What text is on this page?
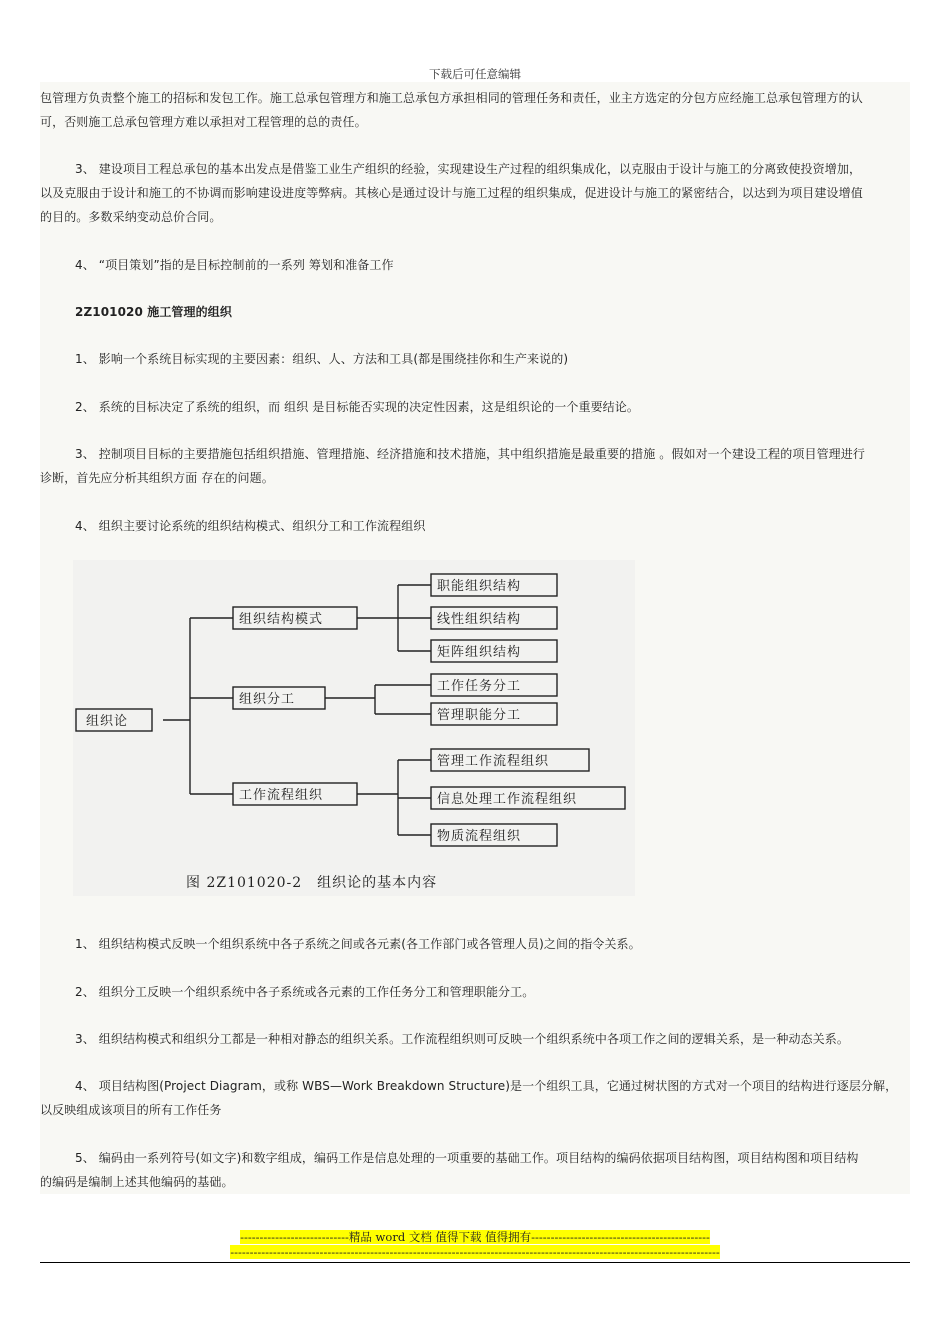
下载后可任意编辑
包管理方负责整个施工的招标和发包工作。施工总承包管理方和施工总承包方承担相同的管理任务和责任，业主方选定的分包方应经施工总承包管理方的认
可，否则施工总承包管理方难以承担对工程管理的总的责任。
3、 建设项目工程总承包的基本出发点是借鉴工业生产组织的经验，实现建设生产过程的组织集成化，以克服由于设计与施工的分离致使投资增加，
以及克服由于设计和施工的不协调而影响建设进度等弊病。其核心是通过设计与施工过程的组织集成，促进设计与施工的紧密结合，以达到为项目建设增值
的目的。多数采纳变动总价合同。
4、 “项目策划”指的是目标控制前的一系列 筹划和准备工作
2Z101020 施工管理的组织
1、 影响一个系统目标实现的主要因素：组织、人、方法和工具(都是围绕挂你和生产来说的)
2、 系统的目标决定了系统的组织，而 组织 是目标能否实现的决定性因素，这是组织论的一个重要结论。
3、 控制项目目标的主要措施包括组织措施、管理措施、经济措施和技术措施，其中组织措施是最重要的措施 。假如对一个建设工程的项目管理进行
诊断，首先应分析其组织方面 存在的问题。
4、 组织主要讨论系统的组织结构模式、组织分工和工作流程组织
组织论
组织结构模式
组织分工
工作流程组织
职能组织结构
线性组织结构
矩阵组织结构
工作任务分工
管理职能分工
管理工作流程组织
信息处理工作流程组织
物质流程组织
图 2Z101020-2　组织论的基本内容
1、 组织结构模式反映一个组织系统中各子系统之间或各元素(各工作部门或各管理人员)之间的指令关系。
2、 组织分工反映一个组织系统中各子系统或各元素的工作任务分工和管理职能分工。
3、 组织结构模式和组织分工都是一种相对静态的组织关系。工作流程组织则可反映一个组织系统中各项工作之间的逻辑关系，是一种动态关系。
4、 项目结构图(Project Diagram，或称 WBS—Work Breakdown Structure)是一个组织工具，它通过树状图的方式对一个项目的结构进行逐层分解，
以反映组成该项目的所有工作任务
5、 编码由一系列符号(如文字)和数字组成，编码工作是信息处理的一项重要的基础工作。项目结构的编码依据项目结构图，项目结构图和项目结构
的编码是编制上述其他编码的基础。
----------------------------精品 word 文档 值得下载 值得拥有----------------------------------------------
------------------------------------------------------------------------------------------------------------------------------
